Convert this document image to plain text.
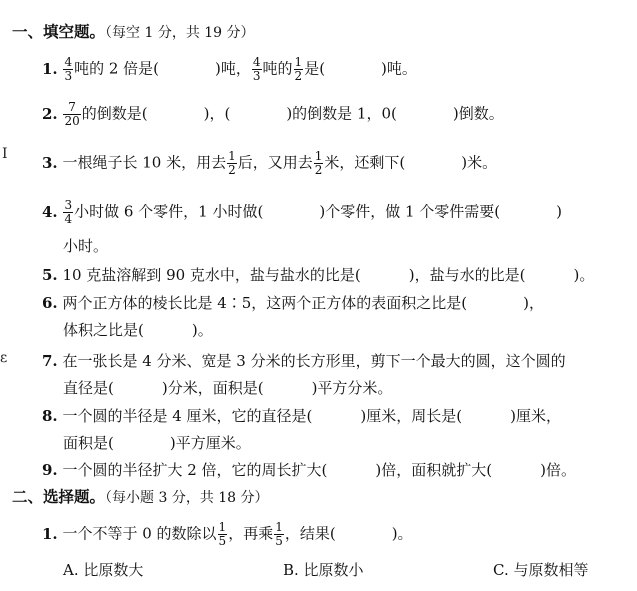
一、填空题。（每空 1 分，共 19 分）
1. $\frac{4}{3}$ 吨的 2 倍是(	)吨， $\frac{4}{3}$ 吨的 $\frac{1}{2}$ 是(	)吨。
2. $\frac{7}{20}$ 的倒数是(	)，(	)的倒数是 1，0(	)倒数。
I 3. 一根绳子长 10 米，用去 $\frac{1}{2}$ 后，又用去 $\frac{1}{2}$ 米，还剩下(	)米。
4. $\frac{3}{4}$ 小时做 6 个零件，1 小时做(	)个零件，做 1 个零件需要(	)
小时。
5. 10 克盐溶解到 90 克水中，盐与盐水的比是(	)，盐与水的比是(	)。
6. 两个正方体的棱长比是 4∶5，这两个正方体的表面积之比是(	)，
体积之比是(	)。
ε 7. 在一张长是 4 分米、宽是 3 分米的长方形里，剪下一个最大的圆，这个圆的
直径是(	)分米，面积是(	)平方分米。
8. 一个圆的半径是 4 厘米，它的直径是(	)厘米，周长是(	)厘米，
面积是(	)平方厘米。
9. 一个圆的半径扩大 2 倍，它的周长扩大(	)倍，面积就扩大(	)倍。
二、选择题。（每小题 3 分，共 18 分）
1. 一个不等于 0 的数除以 $\frac{1}{5}$ ，再乘 $\frac{1}{5}$ ，结果(	)。
A. 比原数大	B. 比原数小	C. 与原数相等
